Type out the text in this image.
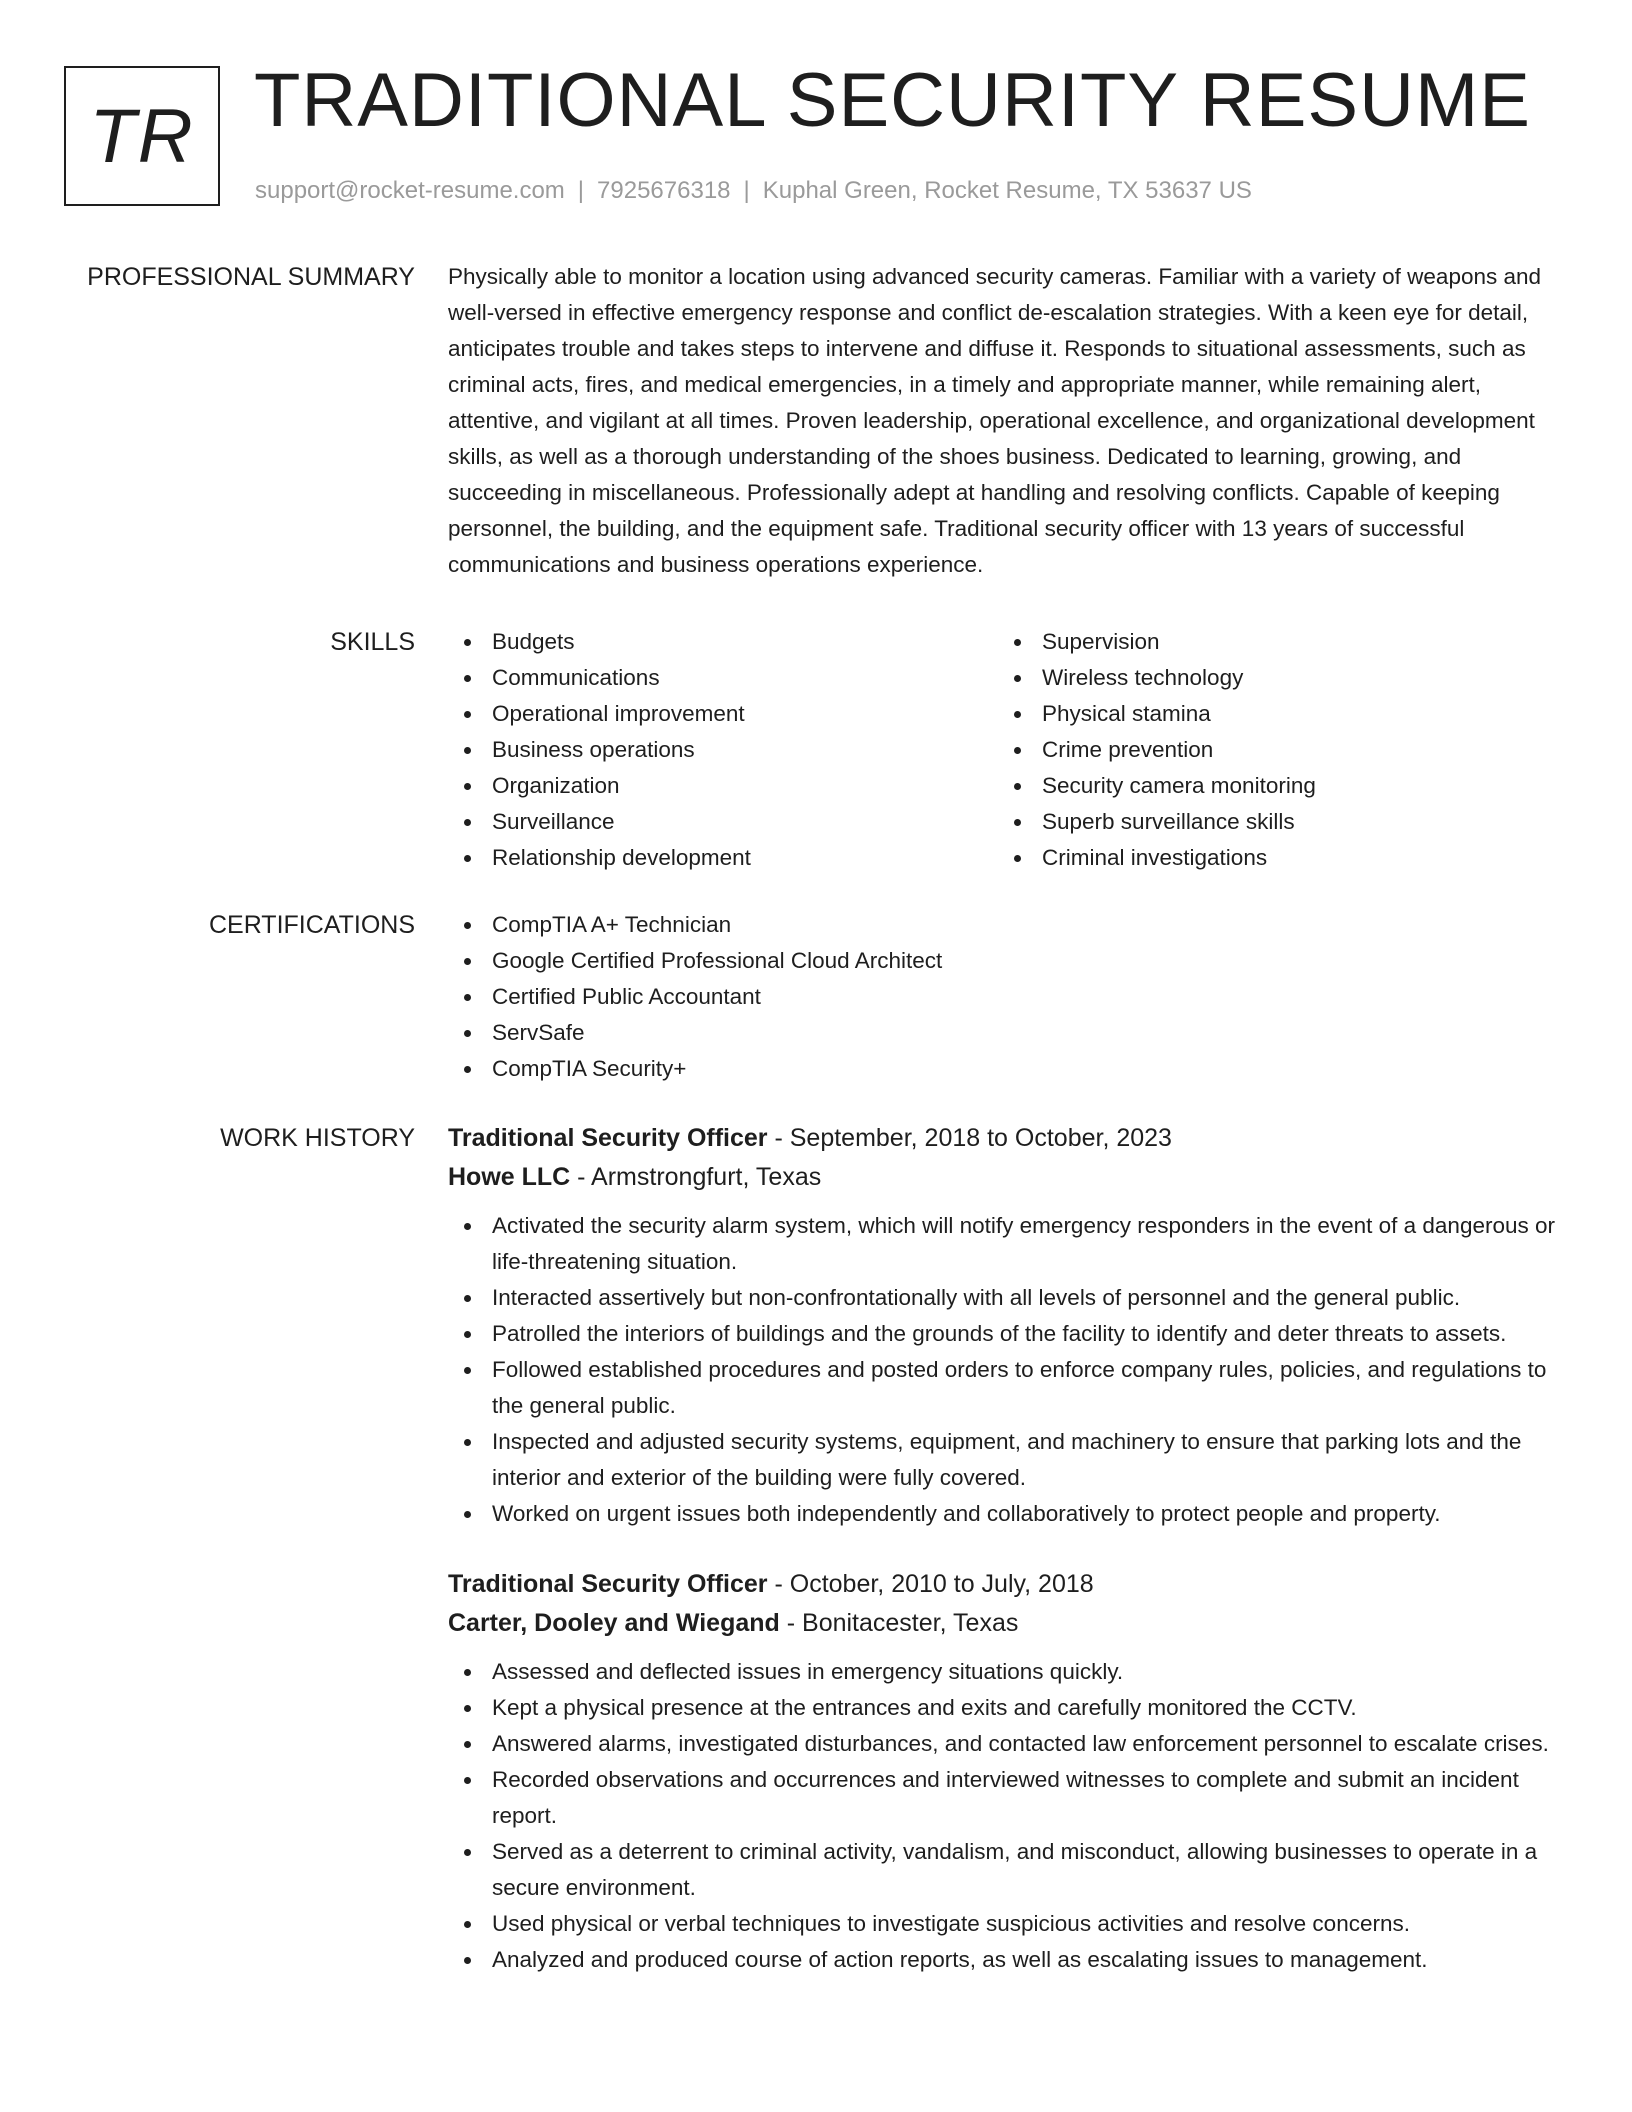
TR TRADITIONAL SECURITY RESUME
support@rocket-resume.com | 7925676318 | Kuphal Green, Rocket Resume, TX 53637 US
PROFESSIONAL SUMMARY Physically able to monitor a location using advanced security cameras. Familiar with a variety of weapons and well-versed in effective emergency response and conflict de-escalation strategies. With a keen eye for detail, anticipates trouble and takes steps to intervene and diffuse it. Responds to situational assessments, such as criminal acts, fires, and medical emergencies, in a timely and appropriate manner, while remaining alert, attentive, and vigilant at all times. Proven leadership, operational excellence, and organizational development skills, as well as a thorough understanding of the shoes business. Dedicated to learning, growing, and succeeding in miscellaneous. Professionally adept at handling and resolving conflicts. Capable of keeping personnel, the building, and the equipment safe. Traditional security officer with 13 years of successful communications and business operations experience.

SKILLS	Budgets
Communications
Operational improvement
Business operations
Organization
Surveillance
Relationship development
Supervision
Wireless technology
Physical stamina
Crime prevention
Security camera monitoring
Superb surveillance skills
Criminal investigations
CERTIFICATIONS	CompTIA A+ Technician
Google Certified Professional Cloud Architect
Certified Public Accountant
ServSafe
CompTIA Security+
WORK HISTORY Traditional Security Officer - September, 2018 to October, 2023
Howe LLC - Armstrongfurt, Texas
Activated the security alarm system, which will notify emergency responders in the event of a dangerous or life-threatening situation.
Interacted assertively but non-confrontationally with all levels of personnel and the general public.
Patrolled the interiors of buildings and the grounds of the facility to identify and deter threats to assets.
Followed established procedures and posted orders to enforce company rules, policies, and regulations to the general public.
Inspected and adjusted security systems, equipment, and machinery to ensure that parking lots and the interior and exterior of the building were fully covered.
Worked on urgent issues both independently and collaboratively to protect people and property.
Traditional Security Officer - October, 2010 to July, 2018
Carter, Dooley and Wiegand - Bonitacester, Texas
Assessed and deflected issues in emergency situations quickly.
Kept a physical presence at the entrances and exits and carefully monitored the CCTV.
Answered alarms, investigated disturbances, and contacted law enforcement personnel to escalate crises.
Recorded observations and occurrences and interviewed witnesses to complete and submit an incident report.
Served as a deterrent to criminal activity, vandalism, and misconduct, allowing businesses to operate in a secure environment.
Used physical or verbal techniques to investigate suspicious activities and resolve concerns.
Analyzed and produced course of action reports, as well as escalating issues to management.
